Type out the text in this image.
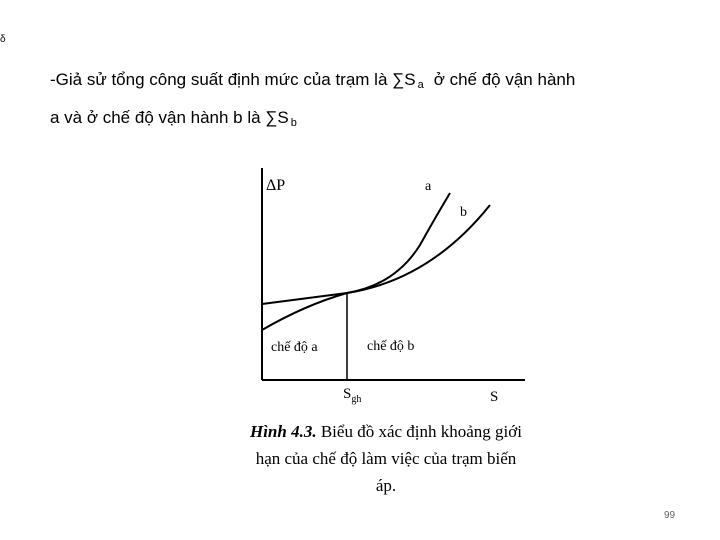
δ
-Giả sử tổng công suất định mức của trạm là ∑S $_a$ ở chế độ vận hành
a và ở chế độ vận hành b là ∑S $_b$
ΔP
S
a
b
chế độ a	chế độ b
$S_{gh}$
Hình 4.3. Biểu đồ xác định khoảng giới hạn của chế độ làm việc của trạm biến áp.
99
